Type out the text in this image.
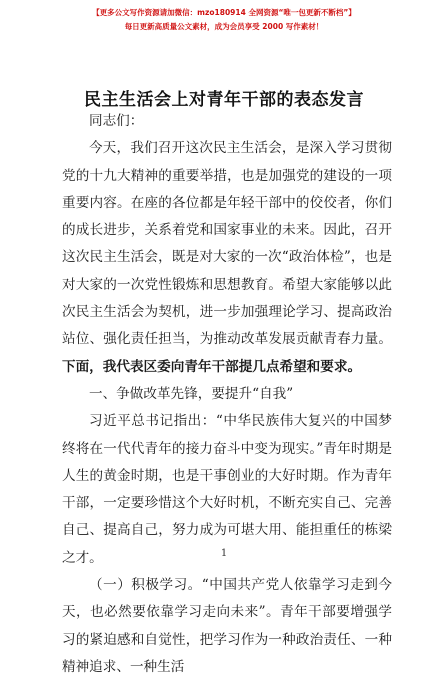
【更多公文写作资源请加微信：mzo180914 全网资源“唯一包更新不断档”】
每日更新高质量公文素材，成为会员享受 2000 写作素材！
民主生活会上对青年干部的表态发言

同志们：

今天，我们召开这次民主生活会，是深入学习贯彻党的十九大精神的重要举措，也是加强党的建设的一项重要内容。在座的各位都是年轻干部中的佼佼者，你们的成长进步，关系着党和国家事业的未来。因此，召开这次民主生活会，既是对大家的一次“政治体检”，也是对大家的一次党性锻炼和思想教育。希望大家能够以此次民主生活会为契机，进一步加强理论学习、提高政治站位、强化责任担当，为推动改革发展贡献青春力量。下面，我代表区委向青年干部提几点希望和要求。

一、争做改革先锋，要提升“自我”

习近平总书记指出：“中华民族伟大复兴的中国梦终将在一代代青年的接力奋斗中变为现实。”青年时期是人生的黄金时期，也是干事创业的大好时期。作为青年干部，一定要珍惜这个大好时机，不断充实自己、完善自己、提高自己，努力成为可堪大用、能担重任的栋梁之才。

（一）积极学习。“中国共产党人依靠学习走到今天，也必然要依靠学习走向未来”。青年干部要增强学习的紧迫感和自觉性，把学习作为一种政治责任、一种精神追求、一种生活

1
